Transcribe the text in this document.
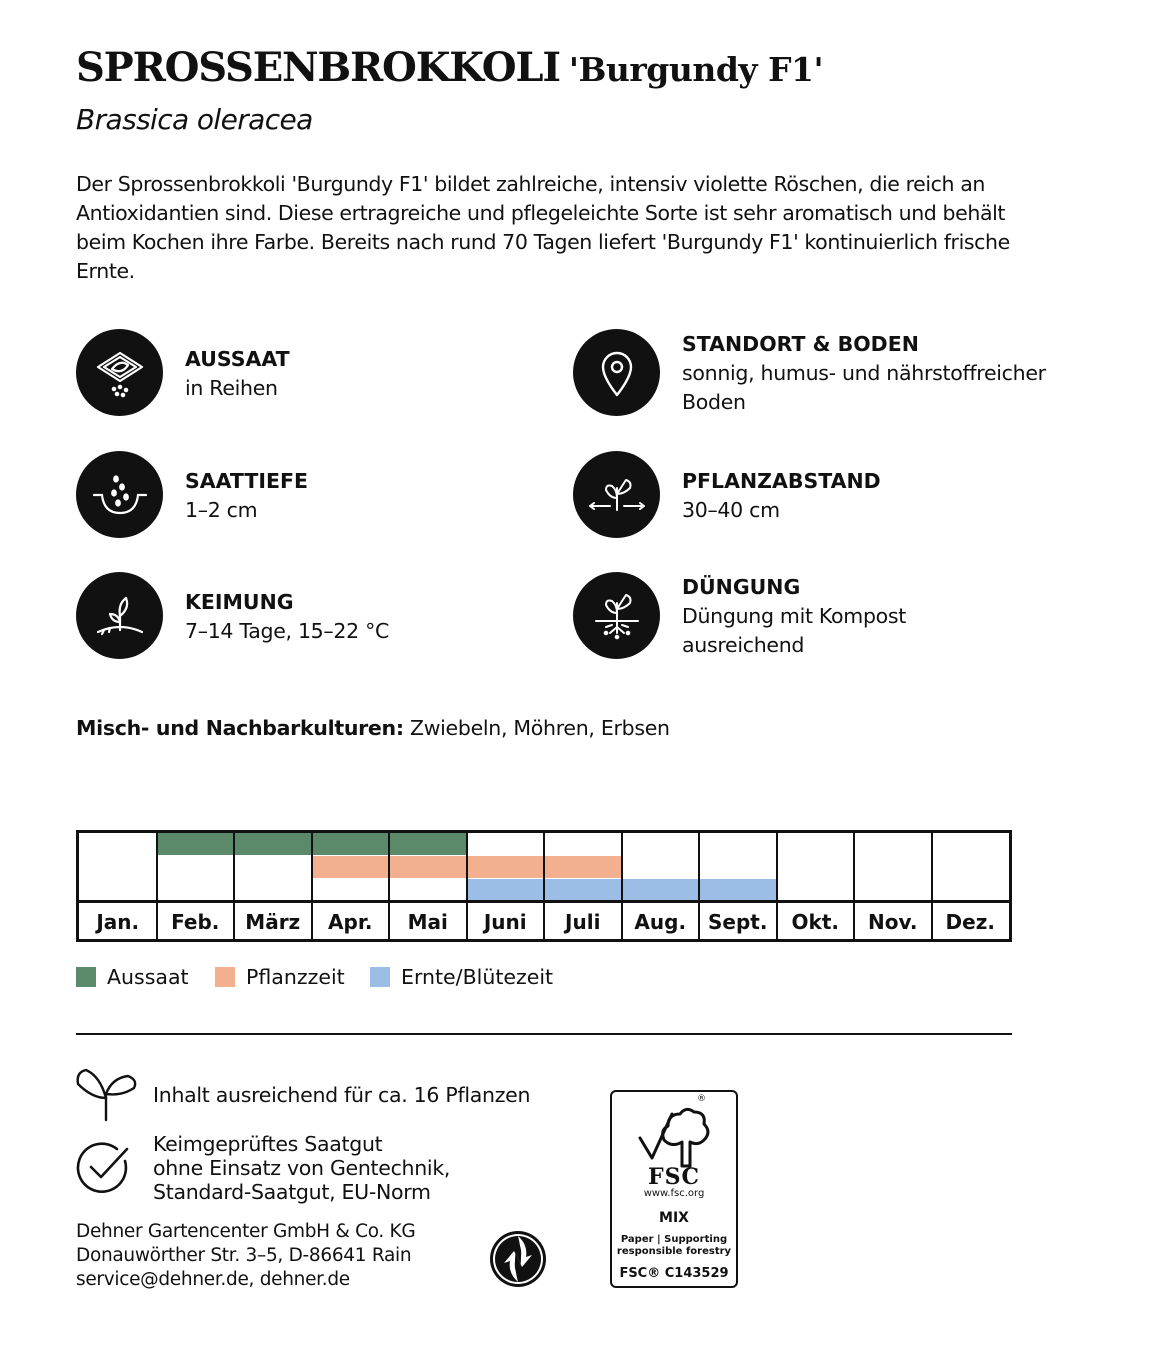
SPROSSENBROKKOLI 'Burgundy F1'
Brassica oleracea
Der Sprossenbrokkoli 'Burgundy F1' bildet zahlreiche, intensiv violette Röschen, die reich an Antioxidantien sind. Diese ertragreiche und pflegeleichte Sorte ist sehr aromatisch und behält beim Kochen ihre Farbe. Bereits nach rund 70 Tagen liefert 'Burgundy F1' kontinuierlich frische Ernte.
AUSSAAT
in Reihen
SAATTIEFE
1–2 cm
KEIMUNG
7–14 Tage, 15–22 °C
STANDORT & BODEN
sonnig, humus- und nährstoffreicher Boden
PFLANZABSTAND
30–40 cm
DÜNGUNG
Düngung mit Kompost ausreichend
Misch- und Nachbarkulturen: Zwiebeln, Möhren, Erbsen
Jan.	Feb.	März	Apr.	Mai	Juni	Juli	Aug.	Sept.	Okt.	Nov.	Dez.
Aussaat	Pflanzzeit	Ernte/Blütezeit
Inhalt ausreichend für ca. 16 Pflanzen
Keimgeprüftes Saatgut
ohne Einsatz von Gentechnik,
Standard-Saatgut, EU-Norm
Dehner Gartencenter GmbH & Co. KG
Donauwörther Str. 3–5, D-86641 Rain
service@dehner.de, dehner.de
®
FSC
www.fsc.org
MIX
Paper | Supporting
responsible forestry
FSC® C143529
